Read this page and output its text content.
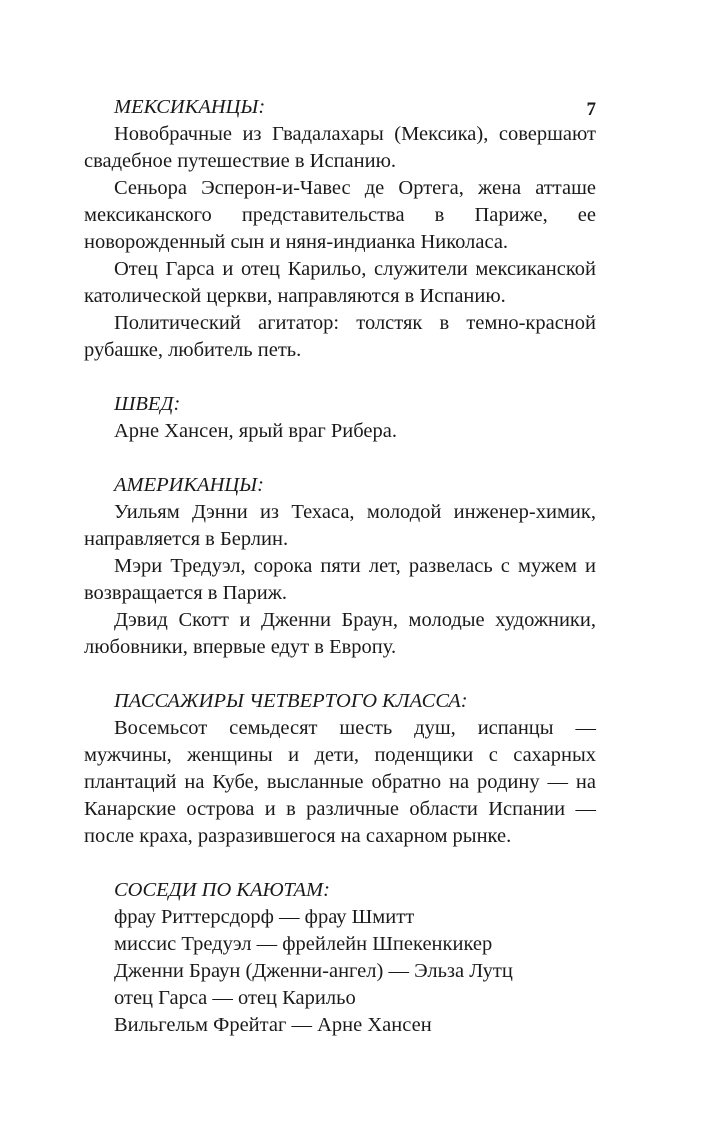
7

МЕКСИКАНЦЫ:

Новобрачные из Гвадалахары (Мексика), совершают свадебное путешествие в Испанию.

Сеньора Эсперон-и-Чавес де Ортега, жена атташе мексиканского представительства в Париже, ее новорожденный сын и няня-индианка Николаса.

Отец Гарса и отец Карильо, служители мексиканской католической церкви, направляются в Испанию.

Политический агитатор: толстяк в темно-красной рубашке, любитель петь.

ШВЕД:

Арне Хансен, ярый враг Рибера.

АМЕРИКАНЦЫ:

Уильям Дэнни из Техаса, молодой инженер-химик, направляется в Берлин.

Мэри Тредуэл, сорока пяти лет, развелась с мужем и возвращается в Париж.

Дэвид Скотт и Дженни Браун, молодые художники, любовники, впервые едут в Европу.

ПАССАЖИРЫ ЧЕТВЕРТОГО КЛАССА:

Восемьсот семьдесят шесть душ, испанцы — мужчины, женщины и дети, поденщики с сахарных плантаций на Кубе, высланные обратно на родину — на Канарские острова и в различные области Испании — после краха, разразившегося на сахарном рынке.

СОСЕДИ ПО КАЮТАМ:

фрау Риттерсдорф — фрау Шмитт

миссис Тредуэл — фрейлейн Шпекенкикер

Дженни Браун (Дженни-ангел) — Эльза Лутц

отец Гарса — отец Карильо

Вильгельм Фрейтаг — Арне Хансен
